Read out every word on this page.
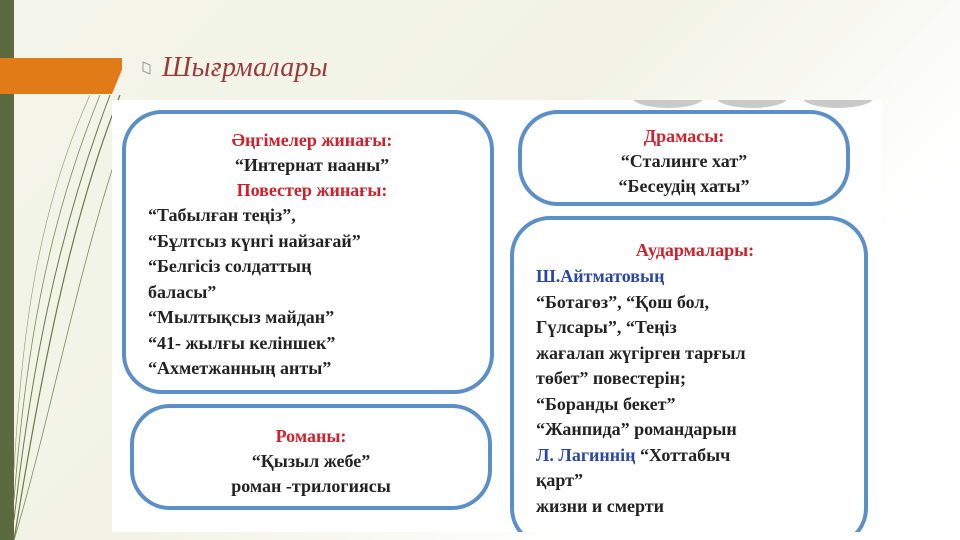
Шығрмалары
Әңгімелер жинағы:
“Интернат нааны”
Повестер жинағы:
“Табылған теңіз”,
“Бұлтсыз күнгі найзағай”
“Белгісіз солдаттың
баласы”
“Мылтықсыз майдан”
“41- жылғы келіншек”
“Ахметжанның анты”
Драмасы:
“Сталинге хат”
“Бесеудің хаты”
Аудармалары:
Ш.Айтматовың
“Ботагөз”, “Қош бол,
Гүлсары”, “Теңіз
жағалап жүгірген тарғыл
төбет” повестерін;
“Боранды бекет”
“Жанпида” романдарын
Л. Лагиннің “Хоттабыч
қарт”
жизни и смерти
Романы:
“Қызыл жебе”
роман -трилогиясы
